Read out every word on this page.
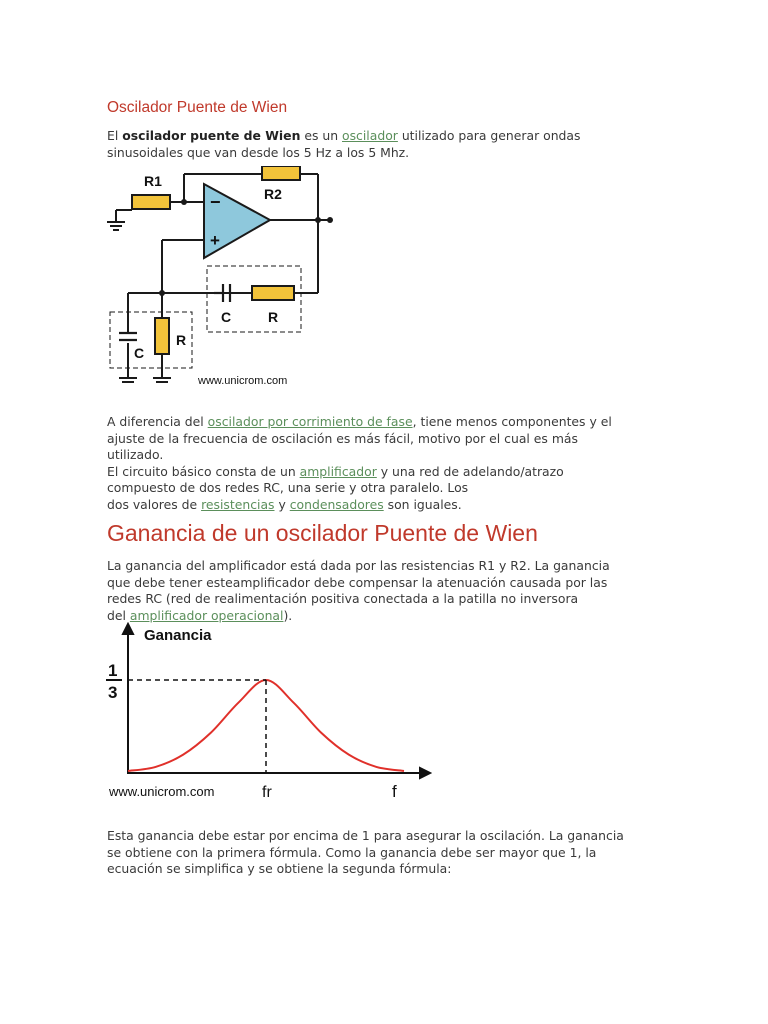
Oscilador Puente de Wien
El oscilador puente de Wien es un oscilador utilizado para generar ondas
sinusoidales que van desde los 5 Hz a los 5 Mhz.
R1
R2
−
+
C	R
C
R
www.unicrom.com
A diferencia del oscilador por corrimiento de fase, tiene menos componentes y el
ajuste de la frecuencia de oscilación es más fácil, motivo por el cual es más
utilizado.
El circuito básico consta de un amplificador y una red de adelando/atrazo
compuesto de dos redes RC, una serie y otra paralelo. Los
dos valores de resistencias y condensadores son iguales.
Ganancia de un oscilador Puente de Wien
La ganancia del amplificador está dada por las resistencias R1 y R2. La ganancia
que debe tener esteamplificador debe compensar la atenuación causada por las
redes RC (red de realimentación positiva conectada a la patilla no inversora
del amplificador operacional).
Ganancia
1
3
www.unicrom.com	fr	f
Esta ganancia debe estar por encima de 1 para asegurar la oscilación. La ganancia
se obtiene con la primera fórmula. Como la ganancia debe ser mayor que 1, la
ecuación se simplifica y se obtiene la segunda fórmula:
